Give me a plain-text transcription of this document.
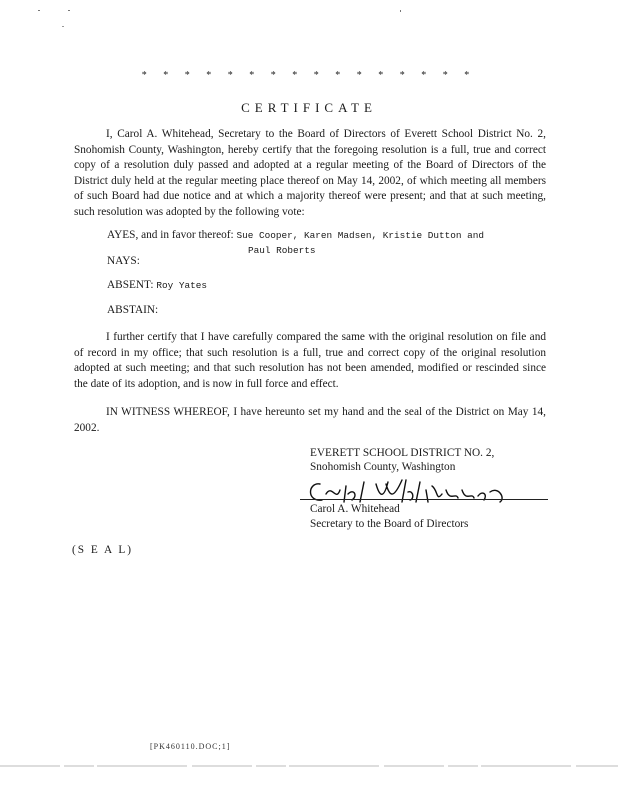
* * * * * * * * * * * * * * * *
CERTIFICATE
I, Carol A. Whitehead, Secretary to the Board of Directors of Everett School District No. 2, Snohomish County, Washington, hereby certify that the foregoing resolution is a full, true and correct copy of a resolution duly passed and adopted at a regular meeting of the Board of Directors of the District duly held at the regular meeting place thereof on May 14, 2002, of which meeting all members of such Board had due notice and at which a majority thereof were present; and that at such meeting, such resolution was adopted by the following vote:
AYES, and in favor thereof: Sue Cooper, Karen Madsen, Kristie Dutton and
Paul Roberts
NAYS:
ABSENT: Roy Yates
ABSTAIN:
I further certify that I have carefully compared the same with the original resolution on file and of record in my office; that such resolution is a full, true and correct copy of the original resolution adopted at such meeting; and that such resolution has not been amended, modified or rescinded since the date of its adoption, and is now in full force and effect.
IN WITNESS WHEREOF, I have hereunto set my hand and the seal of the District on May 14, 2002.
EVERETT SCHOOL DISTRICT NO. 2,
Snohomish County, Washington
Carol A. Whitehead
Secretary to the Board of Directors
(S E A L)
[PK460110.DOC;1]
